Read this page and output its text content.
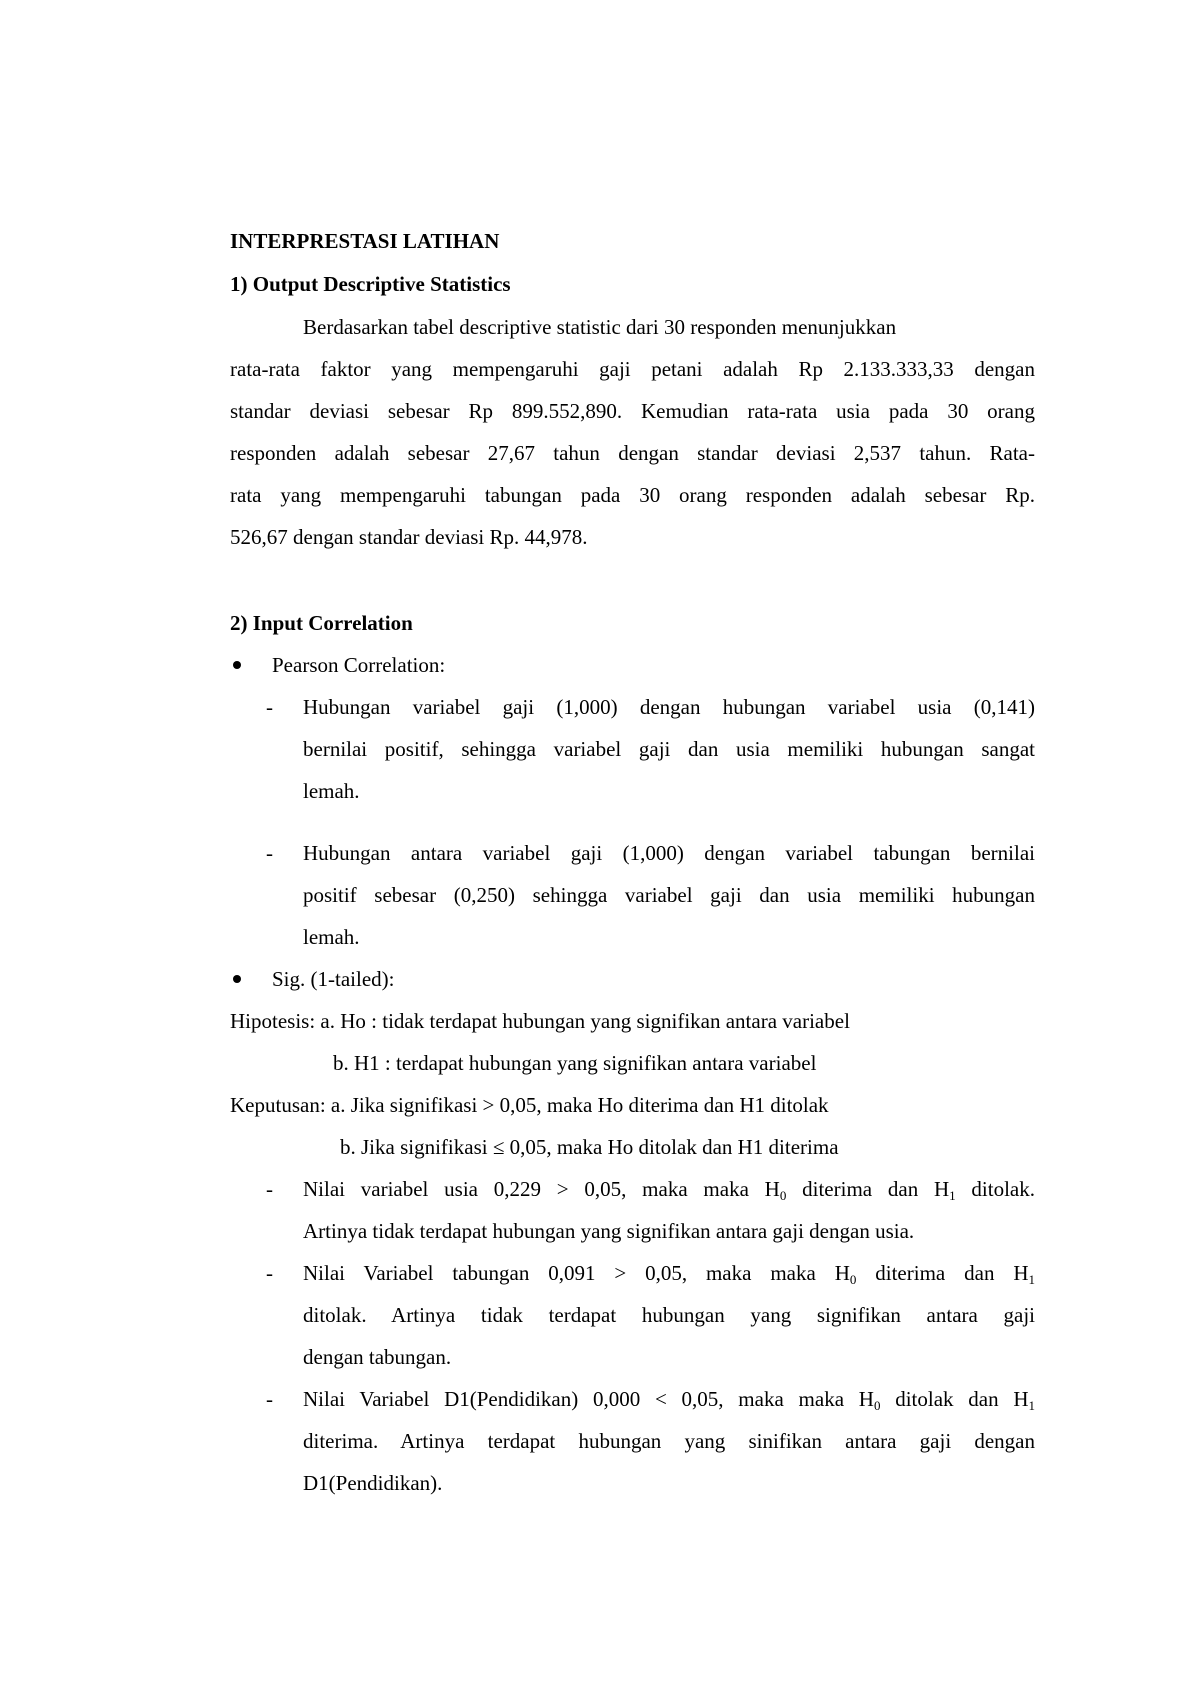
INTERPRESTASI LATIHAN
1) Output Descriptive Statistics
Berdasarkan tabel descriptive statistic dari 30 responden menunjukkan
rata-rata faktor yang mempengaruhi gaji petani adalah Rp 2.133.333,33 dengan
standar deviasi sebesar Rp 899.552,890. Kemudian rata-rata usia pada 30 orang
responden adalah sebesar 27,67 tahun dengan standar deviasi 2,537 tahun. Rata-
rata yang mempengaruhi tabungan pada 30 orang responden adalah sebesar Rp.
526,67 dengan standar deviasi Rp. 44,978.
2) Input Correlation
Pearson Correlation:
- Hubungan variabel gaji (1,000) dengan hubungan variabel usia (0,141)
bernilai positif, sehingga variabel gaji dan usia memiliki hubungan sangat
lemah.
- Hubungan antara variabel gaji (1,000) dengan variabel tabungan bernilai
positif sebesar (0,250) sehingga variabel gaji dan usia memiliki hubungan
lemah.
Sig. (1-tailed):
Hipotesis: a. Ho : tidak terdapat hubungan yang signifikan antara variabel
b. H1 : terdapat hubungan yang signifikan antara variabel
Keputusan: a. Jika signifikasi > 0,05, maka Ho diterima dan H1 ditolak
b. Jika signifikasi ≤ 0,05, maka Ho ditolak dan H1 diterima
- Nilai variabel usia 0,229 > 0,05, maka maka $H_0$ diterima dan $H_1$ ditolak.
Artinya tidak terdapat hubungan yang signifikan antara gaji dengan usia.
- Nilai Variabel tabungan 0,091 > 0,05, maka maka $H_0$ diterima dan $H_1$
ditolak. Artinya tidak terdapat hubungan yang signifikan antara gaji
dengan tabungan.
- Nilai Variabel D1(Pendidikan) 0,000 < 0,05, maka maka $H_0$ ditolak dan $H_1$
diterima. Artinya terdapat hubungan yang sinifikan antara gaji dengan
D1(Pendidikan).
